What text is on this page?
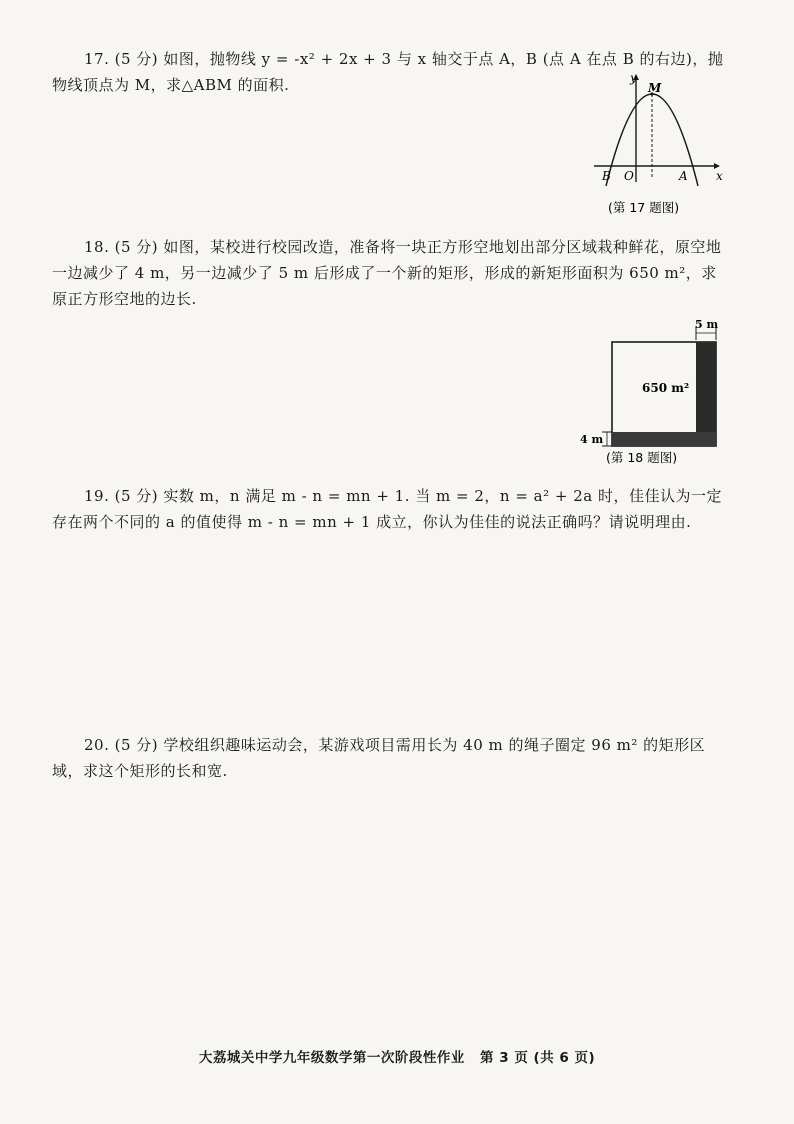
17. (5 分) 如图，抛物线 y = -x² + 2x + 3 与 x 轴交于点 A，B (点 A 在点 B 的右边)，抛物线顶点为 M，求△ABM 的面积.	y
x
M
B O	A
(第 17 题图)

18. (5 分) 如图，某校进行校园改造，准备将一块正方形空地划出部分区域栽种鲜花，原空地一边减少了 4 m，另一边减少了 5 m 后形成了一个新的矩形，形成的新矩形面积为 650 m²，求原正方形空地的边长.

5 m
4 m
650 m²
(第 18 题图)

19. (5 分) 实数 m，n 满足 m - n = mn + 1. 当 m = 2，n = a² + 2a 时，佳佳认为一定存在两个不同的 a 的值使得 m - n = mn + 1 成立，你认为佳佳的说法正确吗？请说明理由.

20. (5 分) 学校组织趣味运动会，某游戏项目需用长为 40 m 的绳子圈定 96 m² 的矩形区域，求这个矩形的长和宽.

大荔城关中学九年级数学第一次阶段性作业 第 3 页 (共 6 页)
